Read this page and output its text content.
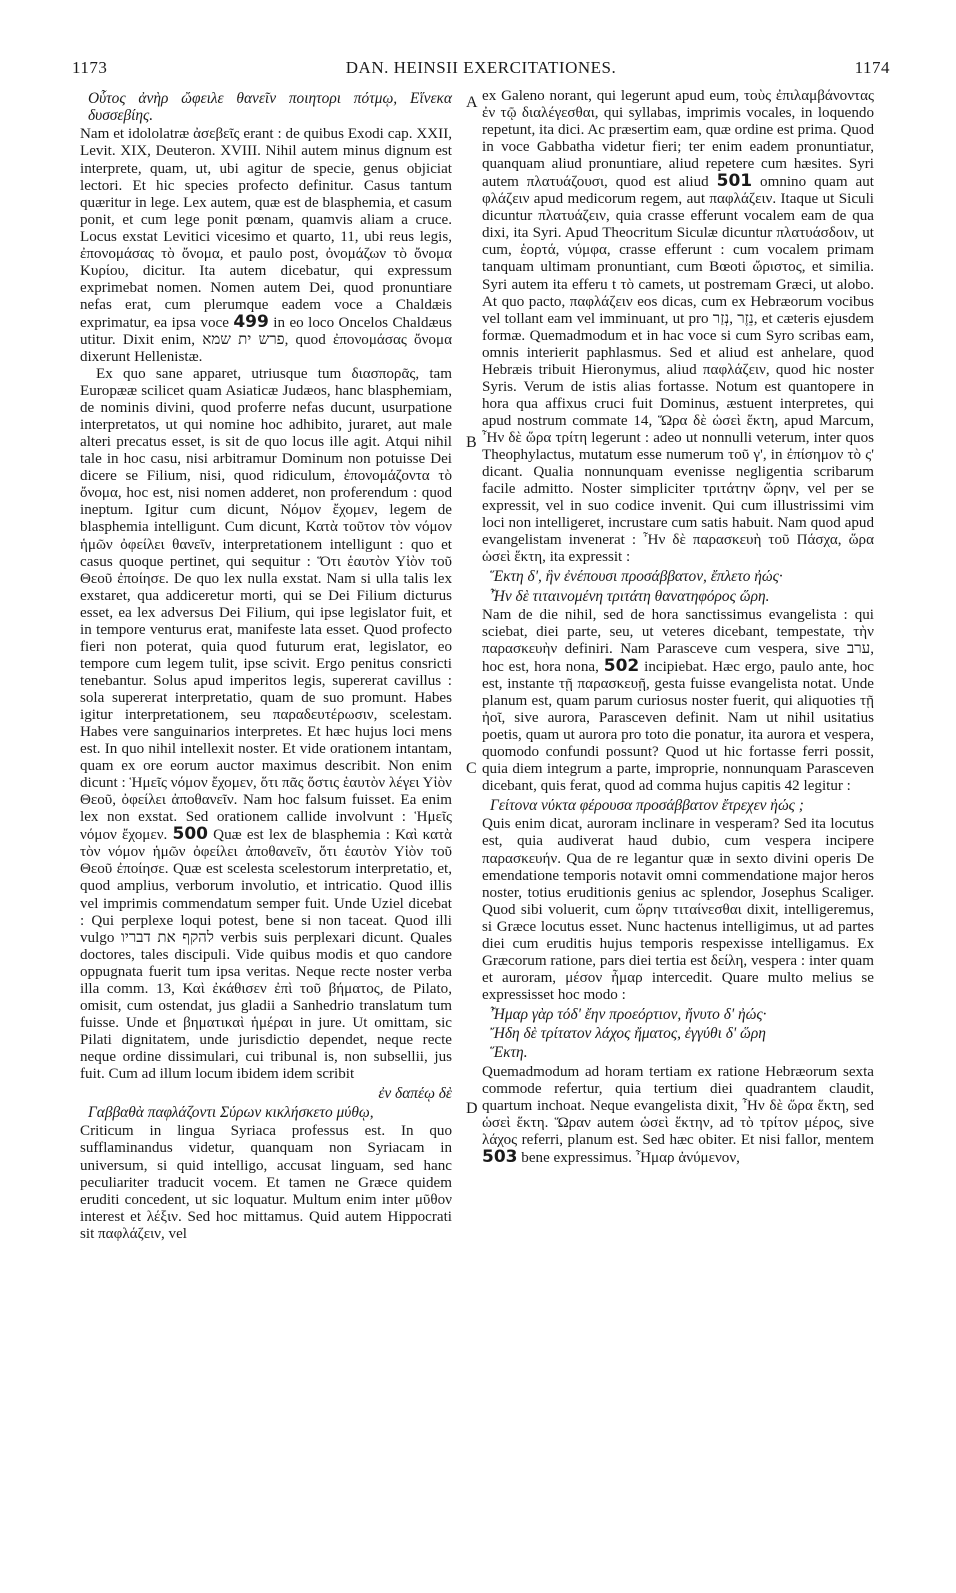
1173	DAN. HEINSII EXERCITATIONES.	1174
A
B
C
D
Οὗτος ἀνὴρ ὤφειλε θανεῖν ποιητορι πότμῳ, Εἵνεκα δυσσεβίης.

Nam et idololatræ ἀσεβεῖς erant : de quibus Exodi cap. XXII, Levit. XIX, Deuteron. XVIII. Nihil autem minus dignum est interprete, quam, ut, ubi agitur de specie, genus objiciat lectori. Et hic species profecto definitur. Casus tantum quæritur in lege. Lex autem, quæ est de blasphemia, et casum ponit, et cum lege ponit pœnam, quamvis aliam a cruce. Locus exstat Levitici vicesimo et quarto, 11, ubi reus legis, ἐπονομάσας τὸ ὄνομα, et paulo post, ὀνομάζων τὸ ὄνομα Κυρίου, dicitur. Ita autem dicebatur, qui expressum exprimebat nomen. Nomen autem Dei, quod pronuntiare nefas erat, cum plerumque eadem voce a Chaldæis exprimatur, ea ipsa voce 499 in eo loco Oncelos Chaldæus utitur. Dixit enim, פרש ית שמא, quod ἐπονομάσας ὄνομα dixerunt Hellenistæ.

Ex quo sane apparet, utriusque tum διασπορᾶς, tam Europææ scilicet quam Asiaticæ Judæos, hanc blasphemiam, de nominis divini, quod proferre nefas ducunt, usurpatione interpretatos, ut qui nomine hoc adhibito, juraret, aut male alteri precatus esset, is sit de quo locus ille agit. Atqui nihil tale in hoc casu, nisi arbitramur Dominum non potuisse Dei dicere se Filium, nisi, quod ridiculum, ἐπονομάζοντα τὸ ὄνομα, hoc est, nisi nomen adderet, non proferendum : quod ineptum. Igitur cum dicunt, Νόμον ἔχομεν, legem de blasphemia intelligunt. Cum dicunt, Κατὰ τοῦτον τὸν νόμον ἡμῶν ὀφείλει θανεῖν, interpretationem intelligunt : quo et casus quoque pertinet, qui sequitur : Ὅτι ἑαυτὸν Υἱὸν τοῦ Θεοῦ ἐποίησε. De quo lex nulla exstat. Nam si ulla talis lex exstaret, qua addiceretur morti, qui se Dei Filium dicturus esset, ea lex adversus Dei Filium, qui ipse legislator fuit, et in tempore venturus erat, manifeste lata esset. Quod profecto fieri non poterat, quia quod futurum erat, legislator, eo tempore cum legem tulit, ipse scivit. Ergo penitus consricti tenebantur. Solus apud imperitos legis, supererat cavillus : sola supererat interpretatio, quam de suo promunt. Habes igitur interpretationem, seu παραδευτέρωσιν, scelestam. Habes vere sanguinarios interpretes. Et hæc hujus loci mens est. In quo nihil intellexit noster. Et vide orationem intantam, quam ex ore eorum auctor maximus describit. Non enim dicunt : Ἡμεῖς νόμον ἔχομεν, ὅτι πᾶς ὅστις ἑαυτὸν λέγει Υἱὸν Θεοῦ, ὀφείλει ἀποθανεῖν. Nam hoc falsum fuisset. Ea enim lex non exstat. Sed orationem callide involvunt : Ἡμεῖς νόμον ἔχομεν. 500 Quæ est lex de blasphemia : Καὶ κατὰ τὸν νόμον ἡμῶν ὀφείλει ἀποθανεῖν, ὅτι ἑαυτὸν Υἱὸν τοῦ Θεοῦ ἐποίησε. Quæ est scelesta scelestorum interpretatio, et, quod amplius, verborum involutio, et intricatio. Quod illis vel imprimis commendatum semper fuit. Unde Uziel dicebat : Qui perplexe loqui potest, bene si non taceat. Quod illi vulgo להקף את דבריו verbis suis perplexari dicunt. Quales doctores, tales discipuli. Vide quibus modis et quo candore oppugnata fuerit tum ipsa veritas. Neque recte noster verba illa comm. 13, Καὶ ἐκάθισεν ἐπὶ τοῦ βήματος, de Pilato, omisit, cum ostendat, jus gladii a Sanhedrio translatum tum fuisse. Unde et βηματικαὶ ἡμέραι in jure. Ut omittam, sic Pilati dignitatem, unde jurisdictio dependet, neque recte neque ordine dissimulari, cui tribunal is, non subsellii, jus fuit. Cum ad illum locum ibidem idem scribit

ἐν δαπέῳ δὲ
Γαββαθὰ παφλάζοντι Σύρων κικλήσκετο μύθῳ,

Criticum in lingua Syriaca professus est. In quo sufflaminandus videtur, quanquam non Syriacam in universum, si quid intelligo, accusat linguam, sed hanc peculiariter traducit vocem. Et tamen ne Græce quidem eruditi concedent, ut sic loquatur. Multum enim inter μῦθον interest et λέξιν. Sed hoc mittamus. Quid autem Hippocrati sit παφλάζειν, vel

ex Galeno norant, qui legerunt apud eum, τοὺς ἐπιλαμβάνοντας ἐν τῷ διαλέγεσθαι, qui syllabas, imprimis vocales, in loquendo repetunt, ita dici. Ac præsertim eam, quæ ordine est prima. Quod in voce Gabbatha videtur fieri; ter enim eadem pronuntiatur, quanquam aliud pronuntiare, aliud repetere cum hæsites. Syri autem πλατυάζουσι, quod est aliud 501 omnino quam aut φλάζειν apud medicorum regem, aut παφλάζειν. Itaque ut Siculi dicuntur πλατυάζειν, quia crasse efferunt vocalem eam de qua dixi, ita Syri. Apud Theocritum Siculæ dicuntur πλατυάσδοιν, ut cum, ἑορτά, νύμφα, crasse efferunt : cum vocalem primam tanquam ultimam pronuntiant, cum Bœoti ὤριστος, et similia. Syri autem ita efferu t τὸ camets, ut postremam Græci, ut alobo. At quo pacto, παφλάζειν eos dicas, cum ex Hebræorum vocibus vel tollant eam vel imminuant, ut pro נֵזֶר ,נְזַר, et cæteris ejusdem formæ. Quemadmodum et in hac voce si cum Syro scribas eam, omnis interierit paphlasmus. Sed et aliud est anhelare, quod Hebræis tribuit Hieronymus, aliud παφλάζειν, quod hic noster Syris. Verum de istis alias fortasse. Notum est quantopere in hora qua affixus cruci fuit Dominus, æstuent interpretes, qui apud nostrum commate 14, Ὥρα δὲ ὡσεὶ ἕκτη, apud Marcum, Ἦν δὲ ὥρα τρίτη legerunt : adeo ut nonnulli veterum, inter quos Theophylactus, mutatum esse numerum τοῦ γ', in ἐπίσημον τὸ ς' dicant. Qualia nonnunquam evenisse negligentia scribarum facile admitto. Noster simpliciter τριτάτην ὥρην, vel per se expressit, vel in suo codice invenit. Qui cum illustrissimi vim loci non intelligeret, incrustare cum satis habuit. Nam quod apud evangelistam invenerat : Ἦν δὲ παρασκευὴ τοῦ Πάσχα, ὥρα ὡσεὶ ἕκτη, ita expressit :

Ἕκτη δ', ἣν ἐνέπουσι προσάββατον, ἔπλετο ἠώς·
Ἦν δὲ τιταινομένη τριτάτη θανατηφόρος ὥρη.

Nam de die nihil, sed de hora sanctissimus evangelista : qui sciebat, diei parte, seu, ut veteres dicebant, tempestate, τὴν παρασκευὴν definiri. Nam Parasceve cum vespera, sive ערב, hoc est, hora nona, 502 incipiebat. Hæc ergo, paulo ante, hoc est, instante τῇ παρασκευῇ, gesta fuisse evangelista notat. Unde planum est, quam parum curiosus noster fuerit, qui aliquoties τῇ ἠοῖ, sive aurora, Parasceven definit. Nam ut nihil usitatius poetis, quam ut aurora pro toto die ponatur, ita aurora et vespera, quomodo confundi possunt? Quod ut hic fortasse ferri possit, quia diem integrum a parte, improprie, nonnunquam Parasceven dicebant, quis ferat, quod ad comma hujus capitis 42 legitur :

Γείτονα νύκτα φέρουσα προσάββατον ἔτρεχεν ἠώς ;

Quis enim dicat, auroram inclinare in vesperam? Sed ita locutus est, quia audiverat haud dubio, cum vespera incipere παρασκευήν. Qua de re legantur quæ in sexto divini operis De emendatione temporis notavit omni commendatione major heros noster, totius eruditionis genius ac splendor, Josephus Scaliger. Quod sibi voluerit, cum ὥρην τιταίνεσθαι dixit, intelligeremus, si Græce locutus esset. Nunc hactenus intelligimus, ut ad partes diei cum eruditis hujus temporis respexisse intelligamus. Ex Græcorum ratione, pars diei tertia est δείλη, vespera : inter quam et auroram, μέσον ἦμαρ intercedit. Quare multo melius se expressisset hoc modo :

Ἦμαρ γὰρ τόδ' ἔην προεόρτιον, ἤνυτο δ' ἠώς·
Ἤδη δὲ τρίτατον λάχος ἤματος, ἐγγύθι δ' ὥρη
Ἕκτη.

Quemadmodum ad horam tertiam ex ratione Hebræorum sexta commode refertur, quia tertium diei quadrantem claudit, quartum inchoat. Neque evangelista dixit, Ἦν δὲ ὥρα ἕκτη, sed ὡσεὶ ἕκτη. Ὥραν autem ὡσεὶ ἕκτην, ad τὸ τρίτον μέρος, sive λάχος referri, planum est. Sed hæc obiter. Et nisi fallor, mentem 503 bene expressimus. Ἦμαρ ἀνύμενον,
